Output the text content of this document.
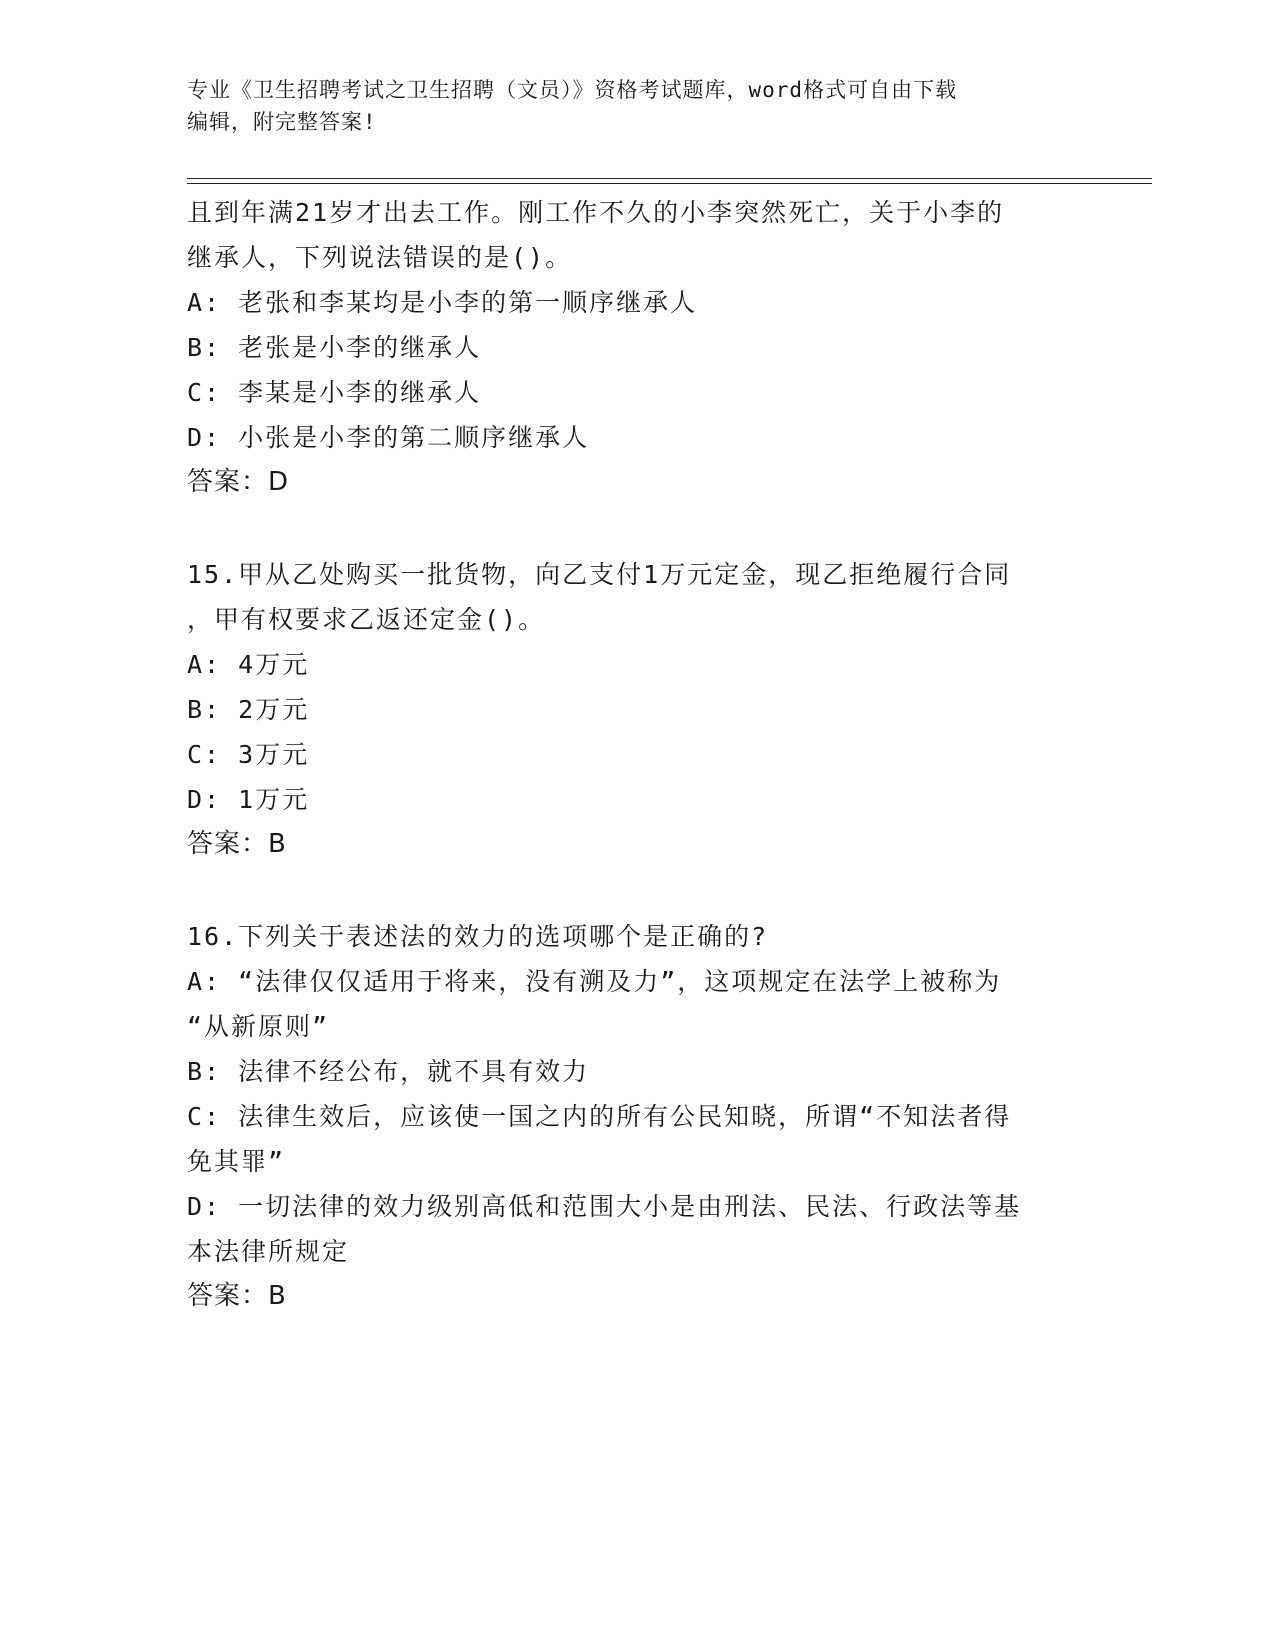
专业《卫生招聘考试之卫生招聘（文员）》资格考试题库，word格式可自由下载
编辑，附完整答案!
且到年满21岁才出去工作。刚工作不久的小李突然死亡，关于小李的
继承人，下列说法错误的是()。
A: 老张和李某均是小李的第一顺序继承人
B: 老张是小李的继承人
C: 李某是小李的继承人
D: 小张是小李的第二顺序继承人
答案：D
15.甲从乙处购买一批货物，向乙支付1万元定金，现乙拒绝履行合同
，甲有权要求乙返还定金()。
A: 4万元
B: 2万元
C: 3万元
D: 1万元
答案：B
16.下列关于表述法的效力的选项哪个是正确的?
A: “法律仅仅适用于将来，没有溯及力”，这项规定在法学上被称为
“从新原则”
B: 法律不经公布，就不具有效力
C: 法律生效后，应该使一国之内的所有公民知晓，所谓“不知法者得
免其罪”
D: 一切法律的效力级别高低和范围大小是由刑法、民法、行政法等基
本法律所规定
答案：B
